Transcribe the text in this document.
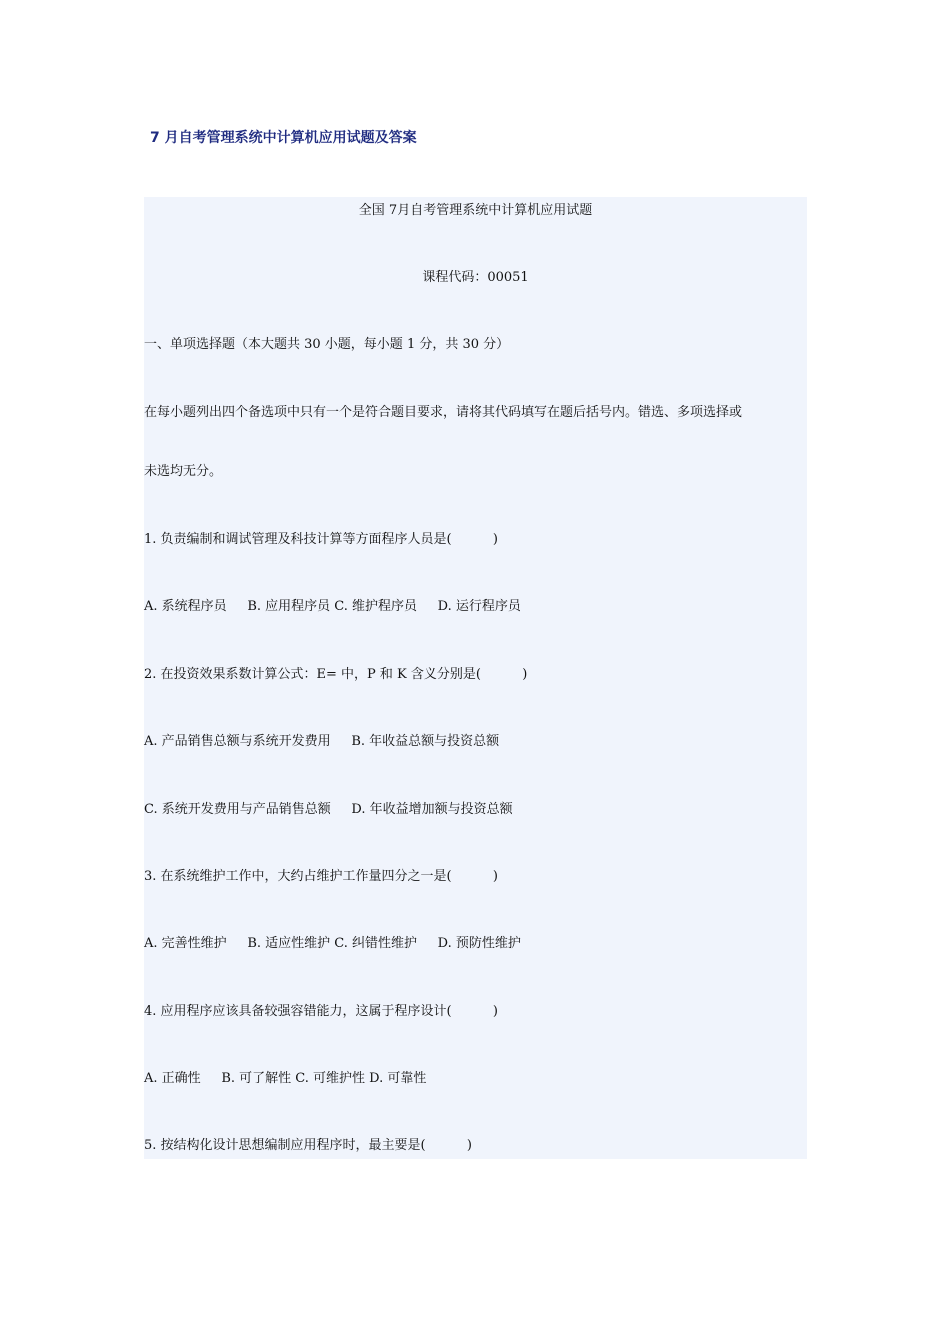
7 月自考管理系统中计算机应用试题及答案
全国 7月自考管理系统中计算机应用试题
课程代码：00051
一、单项选择题（本大题共 30 小题，每小题 1 分，共 30 分）
在每小题列出四个备选项中只有一个是符合题目要求，请将其代码填写在题后括号内。错选、多项选择或
未选均无分。
1. 负责编制和调试管理及科技计算等方面程序人员是(          )
A. 系统程序员     B. 应用程序员 C. 维护程序员     D. 运行程序员
2. 在投资效果系数计算公式：E= 中，P 和 K 含义分别是(          )
A. 产品销售总额与系统开发费用     B. 年收益总额与投资总额
C. 系统开发费用与产品销售总额     D. 年收益增加额与投资总额
3. 在系统维护工作中，大约占维护工作量四分之一是(          )
A. 完善性维护     B. 适应性维护 C. 纠错性维护     D. 预防性维护
4. 应用程序应该具备较强容错能力，这属于程序设计(          )
A. 正确性     B. 可了解性 C. 可维护性 D. 可靠性
5. 按结构化设计思想编制应用程序时，最主要是(          )
